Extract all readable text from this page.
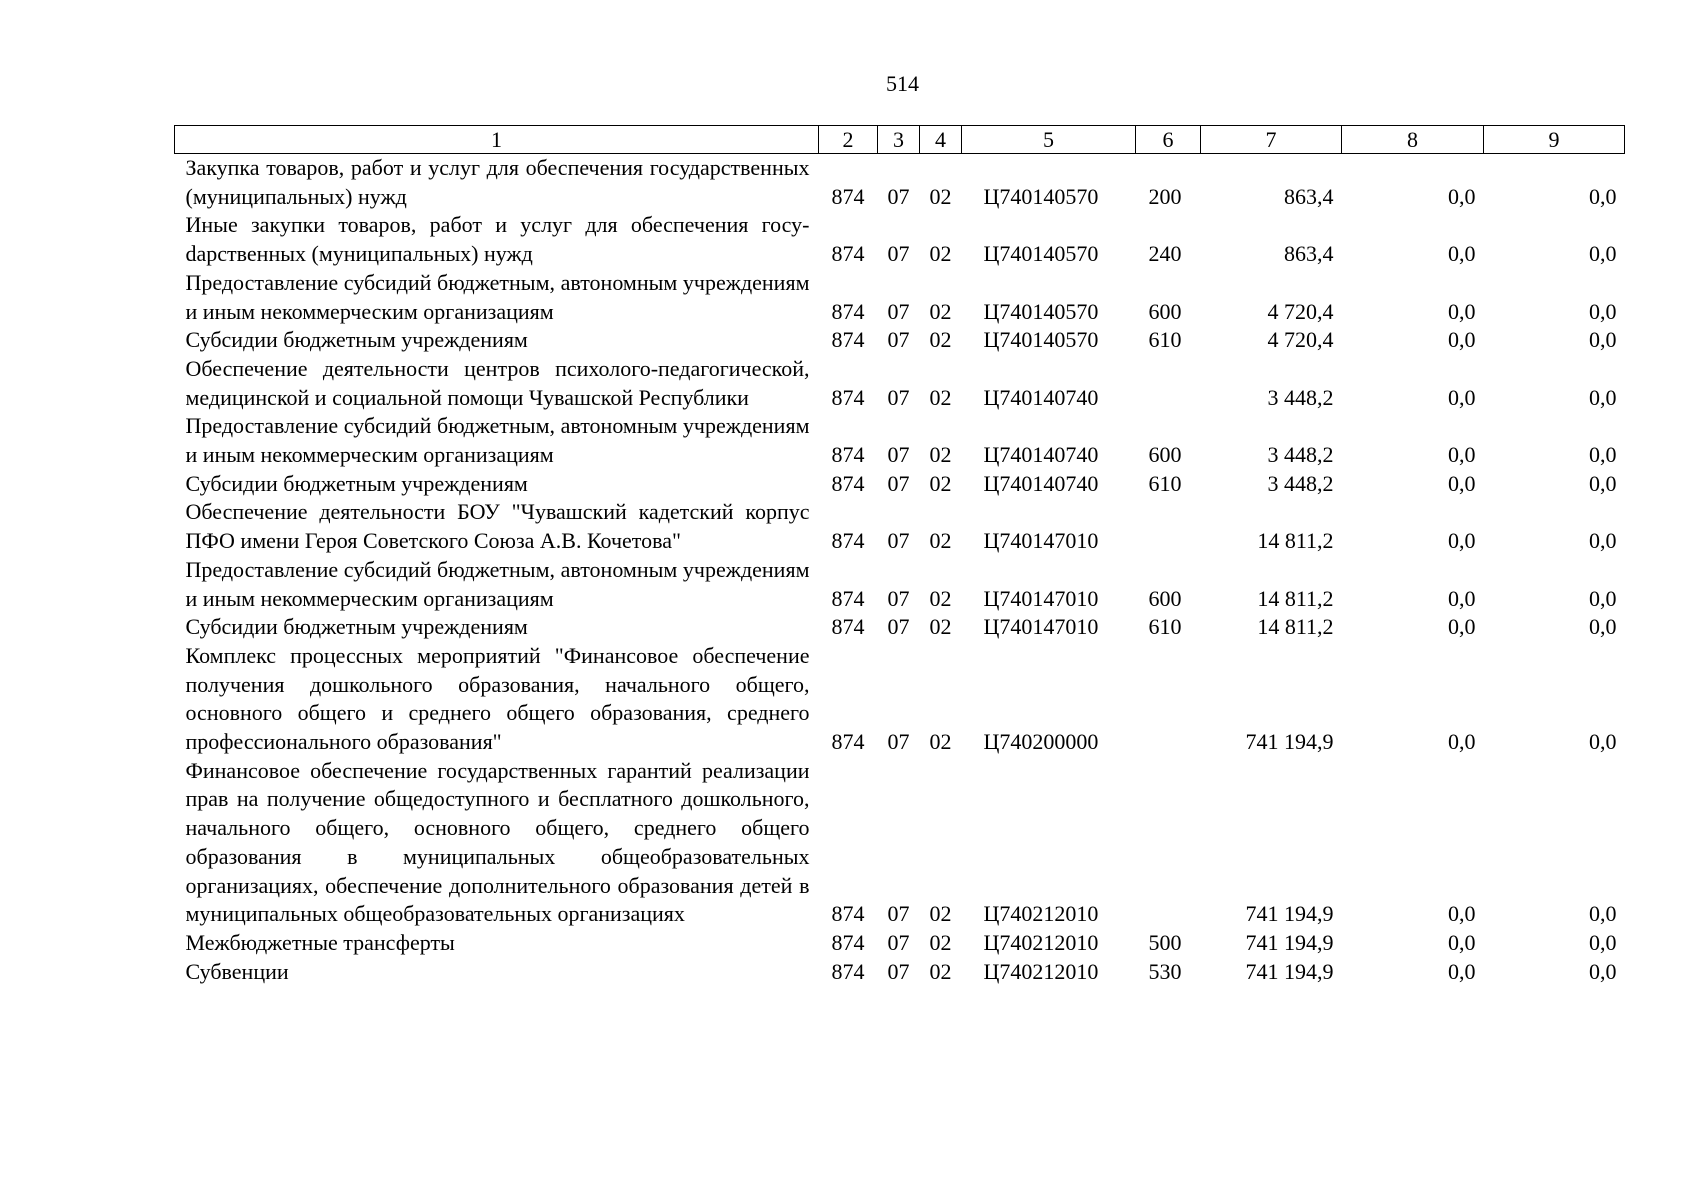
514
1	2	3	4	5	6	7	8	9
Закупка товаров, работ и услуг для обеспечения государственных (муниципальных) нужд	874	07	02	Ц740140570	200	863,4	0,0	0,0
Иные закупки товаров, работ и услуг для обеспечения госуdарственных (муниципальных) нужд	874	07	02	Ц740140570	240	863,4	0,0	0,0
Предоставление субсидий бюджетным, автономным учреждениям и иным некоммерческим организациям	874	07	02	Ц740140570	600	4 720,4	0,0	0,0
Субсидии бюджетным учреждениям	874	07	02	Ц740140570	610	4 720,4	0,0	0,0
Обеспечение деятельности центров психолого-педагогической, медицинской и социальной помощи Чувашской Республики	874	07	02	Ц740140740		3 448,2	0,0	0,0
Предоставление субсидий бюджетным, автономным учреждениям и иным некоммерческим организациям	874	07	02	Ц740140740	600	3 448,2	0,0	0,0
Субсидии бюджетным учреждениям	874	07	02	Ц740140740	610	3 448,2	0,0	0,0
Обеспечение деятельности БОУ "Чувашский кадетский корпус ПФО имени Героя Советского Союза А.В. Кочетова"	874	07	02	Ц740147010		14 811,2	0,0	0,0
Предоставление субсидий бюджетным, автономным учреждениям и иным некоммерческим организациям	874	07	02	Ц740147010	600	14 811,2	0,0	0,0
Субсидии бюджетным учреждениям	874	07	02	Ц740147010	610	14 811,2	0,0	0,0
Комплекс процессных мероприятий "Финансовое обеспечение получения дошкольного образования, начального общего, основного общего и среднего общего образования, среднего профессионального образования"	874	07	02	Ц740200000		741 194,9	0,0	0,0
Финансовое обеспечение государственных гарантий реализации прав на получение общедоступного и бесплатного дошкольного, начального общего, основного общего, среднего общего образования в муниципальных общеобразовательных организациях, обеспечение дополнительного образования детей в муниципальных общеобразовательных организациях	874	07	02	Ц740212010		741 194,9	0,0	0,0
Межбюджетные трансферты	874	07	02	Ц740212010	500	741 194,9	0,0	0,0
Субвенции	874	07	02	Ц740212010	530	741 194,9	0,0	0,0
